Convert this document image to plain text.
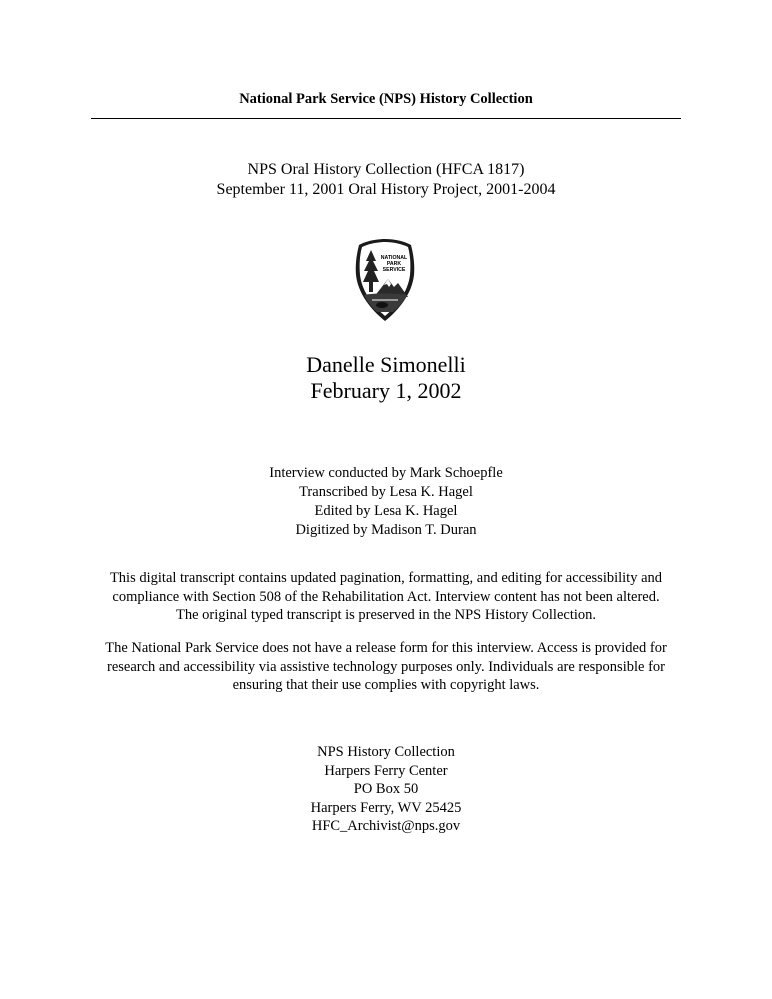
National Park Service (NPS) History Collection
NPS Oral History Collection (HFCA 1817)
September 11, 2001 Oral History Project, 2001-2004
NATIONAL
PARK
SERVICE
Danelle Simonelli
February 1, 2002
Interview conducted by Mark Schoepfle
Transcribed by Lesa K. Hagel
Edited by Lesa K. Hagel
Digitized by Madison T. Duran
This digital transcript contains updated pagination, formatting, and editing for accessibility and
compliance with Section 508 of the Rehabilitation Act. Interview content has not been altered.
The original typed transcript is preserved in the NPS History Collection.
The National Park Service does not have a release form for this interview. Access is provided for
research and accessibility via assistive technology purposes only. Individuals are responsible for
ensuring that their use complies with copyright laws.
NPS History Collection
Harpers Ferry Center
PO Box 50
Harpers Ferry, WV 25425
HFC_Archivist@nps.gov
